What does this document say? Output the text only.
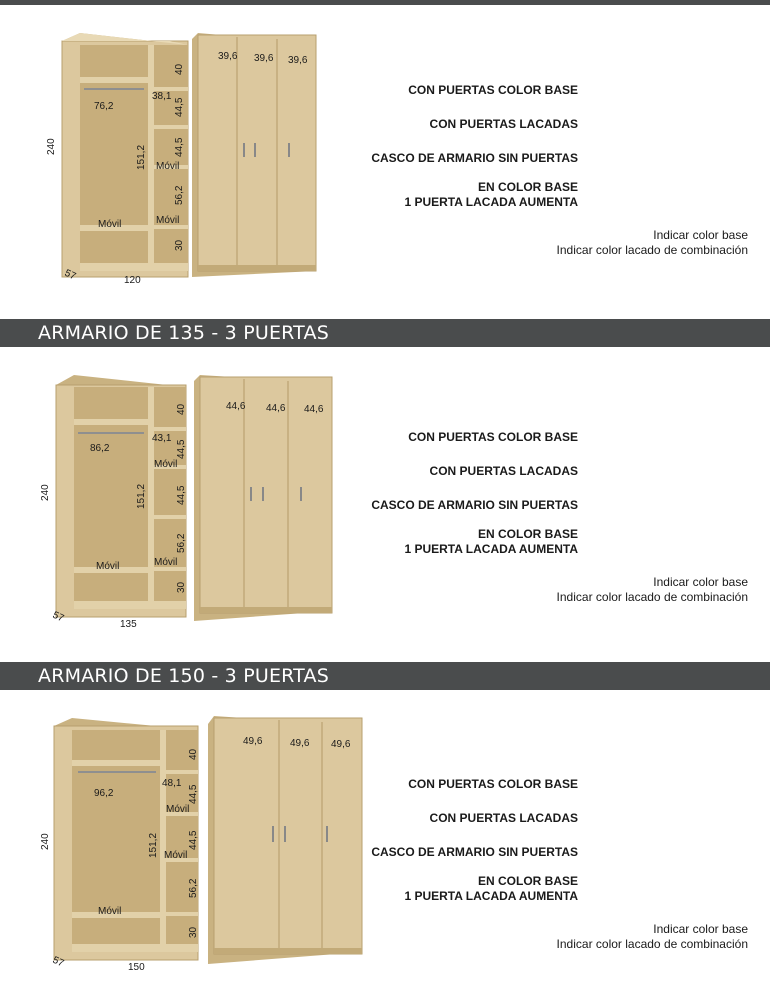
57	120
240
76,2
151,2
40
38,1
44,5
44,5
56,2
30
Móvil
Móvil
Móvil
39,6 39,6 39,6
CON PUERTAS COLOR BASE
CON PUERTAS LACADAS
CASCO DE ARMARIO SIN PUERTAS
EN COLOR BASE
1 PUERTA LACADA AUMENTA
Indicar color base
Indicar color lacado de combinación
ARMARIO DE 135 - 3 PUERTAS
57
135
240
86,2
151,2
40
43,1
44,5
44,5
56,2
30
Móvil
Móvil
Móvil
44,6 44,6 44,6
CON PUERTAS COLOR BASE
CON PUERTAS LACADAS
CASCO DE ARMARIO SIN PUERTAS
EN COLOR BASE
1 PUERTA LACADA AUMENTA
Indicar color base
Indicar color lacado de combinación
ARMARIO DE 150 - 3 PUERTAS
57	150
240
96,2
151,2
40
48,1
44,5
44,5
56,2
30
Móvil
Móvil
Móvil
49,6	49,6 49,6
CON PUERTAS COLOR BASE
CON PUERTAS LACADAS
CASCO DE ARMARIO SIN PUERTAS
EN COLOR BASE
1 PUERTA LACADA AUMENTA
Indicar color base
Indicar color lacado de combinación
